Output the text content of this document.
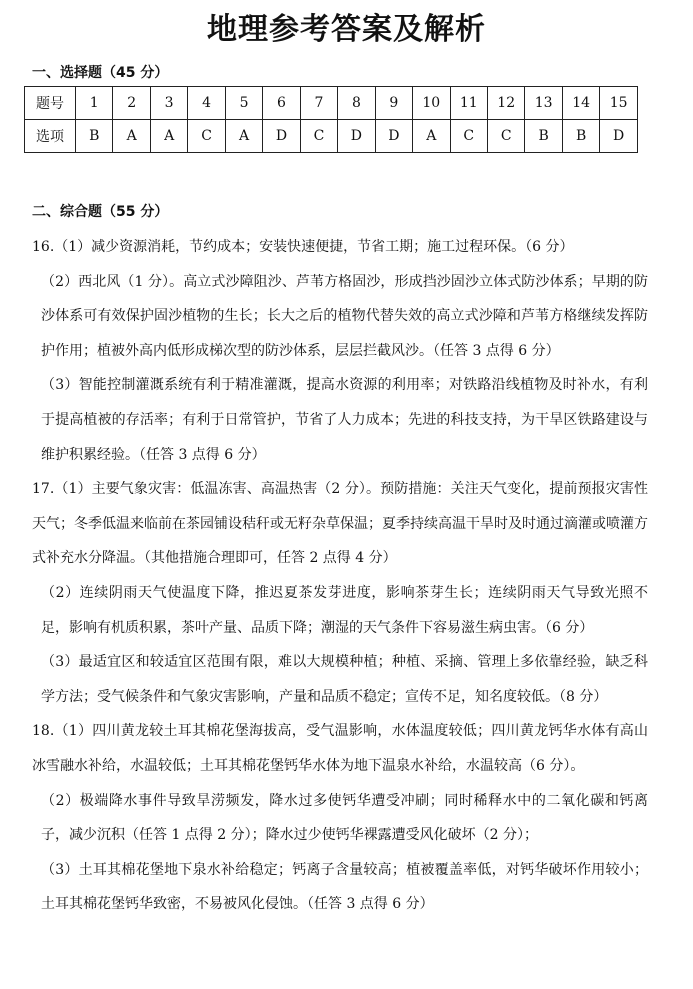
地理参考答案及解析
一、选择题（45 分）
题号	1	2	3	4	5	6	7	8	9	10	11	12	13	14	15
选项	B	A	A	C	A	D	C	D	D	A	C	C	B	B	D
二、综合题（55 分）

16.（1）减少资源消耗，节约成本；安装快速便捷，节省工期；施工过程环保。（6 分）

（2）西北风（1 分）。高立式沙障阻沙、芦苇方格固沙，形成挡沙固沙立体式防沙体系；早期的防沙体系可有效保护固沙植物的生长；长大之后的植物代替失效的高立式沙障和芦苇方格继续发挥防护作用；植被外高内低形成梯次型的防沙体系，层层拦截风沙。（任答 3 点得 6 分）

（3）智能控制灌溉系统有利于精准灌溉，提高水资源的利用率；对铁路沿线植物及时补水，有利于提高植被的存活率；有利于日常管护，节省了人力成本；先进的科技支持，为干旱区铁路建设与维护积累经验。（任答 3 点得 6 分）

17.（1）主要气象灾害：低温冻害、高温热害（2 分）。预防措施：关注天气变化，提前预报灾害性天气；冬季低温来临前在茶园铺设秸秆或无籽杂草保温；夏季持续高温干旱时及时通过滴灌或喷灌方式补充水分降温。（其他措施合理即可，任答 2 点得 4 分）

（2）连续阴雨天气使温度下降，推迟夏茶发芽进度，影响茶芽生长；连续阴雨天气导致光照不足，影响有机质积累，茶叶产量、品质下降；潮湿的天气条件下容易滋生病虫害。（6 分）

（3）最适宜区和较适宜区范围有限，难以大规模种植；种植、采摘、管理上多依靠经验，缺乏科学方法；受气候条件和气象灾害影响，产量和品质不稳定；宣传不足，知名度较低。（8 分）

18.（1）四川黄龙较土耳其棉花堡海拔高，受气温影响，水体温度较低；四川黄龙钙华水体有高山冰雪融水补给，水温较低；土耳其棉花堡钙华水体为地下温泉水补给，水温较高（6 分）。

（2）极端降水事件导致旱涝频发，降水过多使钙华遭受冲刷；同时稀释水中的二氧化碳和钙离子，减少沉积（任答 1 点得 2 分）；降水过少使钙华裸露遭受风化破坏（2 分）；

（3）土耳其棉花堡地下泉水补给稳定；钙离子含量较高；植被覆盖率低，对钙华破坏作用较小；土耳其棉花堡钙华致密，不易被风化侵蚀。（任答 3 点得 6 分）
